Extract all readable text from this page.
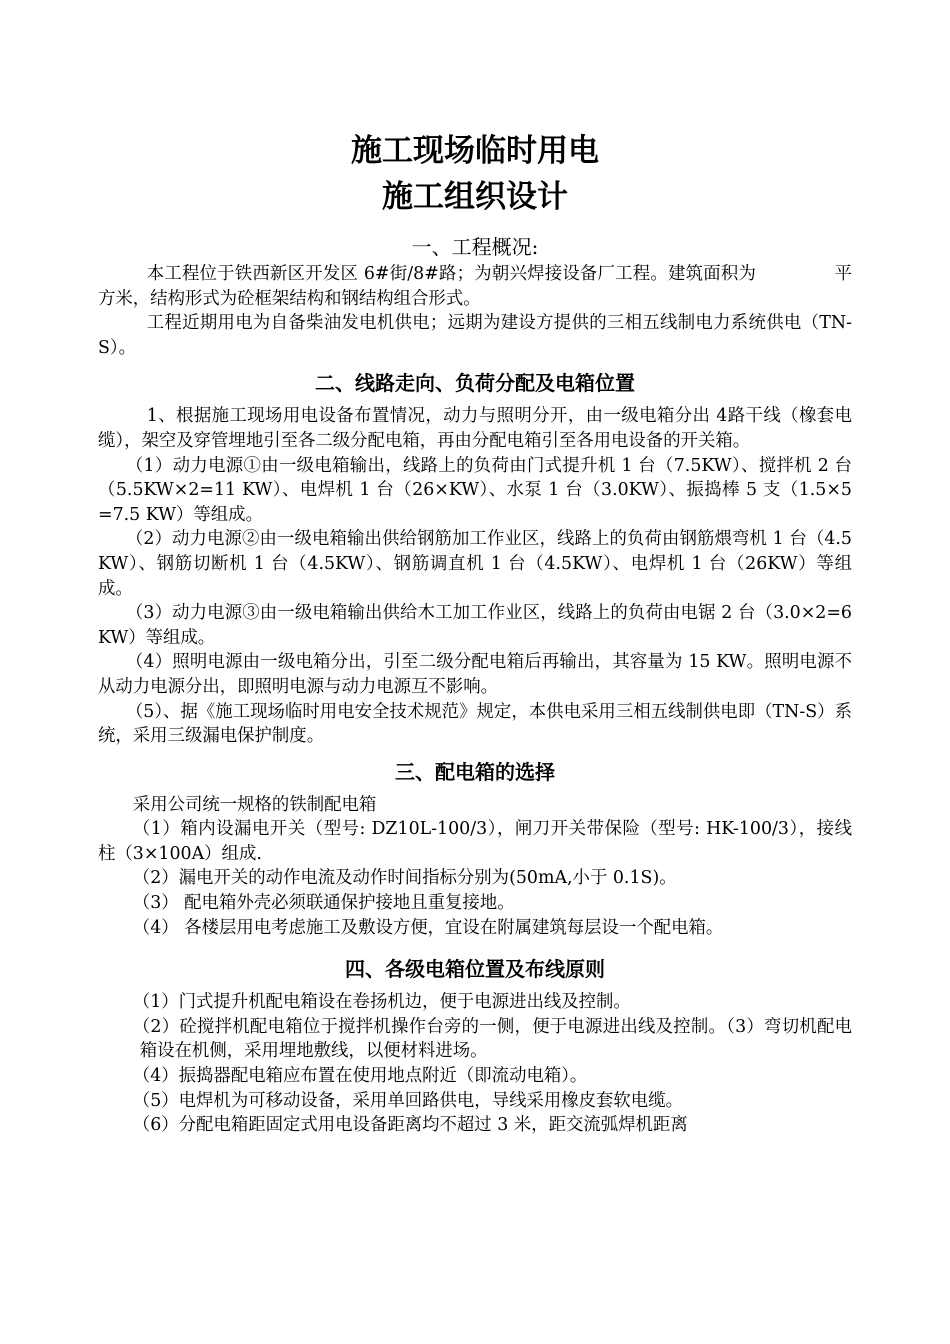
施工现场临时用电
施工组织设计
一、工程概况:

本工程位于铁西新区开发区 6#街/8#路；为朝兴焊接设备厂工程。建筑面积为	平方米，结构形式为砼框架结构和钢结构组合形式。

工程近期用电为自备柴油发电机供电；远期为建设方提供的三相五线制电力系统供电（TN-S）。

二、线路走向、负荷分配及电箱位置

1、根据施工现场用电设备布置情况，动力与照明分开，由一级电箱分出 4路干线（橡套电缆），架空及穿管埋地引至各二级分配电箱，再由分配电箱引至各用电设备的开关箱。

（1）动力电源①由一级电箱输出，线路上的负荷由门式提升机 1 台（7.5KW）、搅拌机 2 台（5.5KW×2=11 KW）、电焊机 1 台（26×KW）、水泵 1 台（3.0KW）、振捣棒 5 支（1.5×5=7.5 KW）等组成。

（2）动力电源②由一级电箱输出供给钢筋加工作业区，线路上的负荷由钢筋煨弯机 1 台（4.5KW）、钢筋切断机 1 台（4.5KW）、钢筋调直机 1 台（4.5KW）、电焊机 1 台（26KW）等组成。

（3）动力电源③由一级电箱输出供给木工加工作业区，线路上的负荷由电锯 2 台（3.0×2=6KW）等组成。

（4）照明电源由一级电箱分出，引至二级分配电箱后再输出，其容量为 15 KW。照明电源不从动力电源分出，即照明电源与动力电源互不影响。

（5）、据《施工现场临时用电安全技术规范》规定，本供电采用三相五线制供电即（TN-S）系统，采用三级漏电保护制度。

三、配电箱的选择

采用公司统一规格的铁制配电箱

（1）箱内设漏电开关（型号: DZ10L-100/3），闸刀开关带保险（型号: HK-100/3），接线柱（3×100A）组成.

（2）漏电开关的动作电流及动作时间指标分别为(50mA,小于 0.1S)。

（3） 配电箱外壳必须联通保护接地且重复接地。

（4） 各楼层用电考虑施工及敷设方便，宜设在附属建筑每层设一个配电箱。

四、各级电箱位置及布线原则

（1）门式提升机配电箱设在卷扬机边，便于电源进出线及控制。

（2）砼搅拌机配电箱位于搅拌机操作台旁的一侧，便于电源进出线及控制。（3）弯切机配电箱设在机侧，采用埋地敷线，以便材料进场。

（4）振捣器配电箱应布置在使用地点附近（即流动电箱）。

（5）电焊机为可移动设备，采用单回路供电，导线采用橡皮套软电缆。

（6）分配电箱距固定式用电设备距离均不超过 3 米，距交流弧焊机距离
